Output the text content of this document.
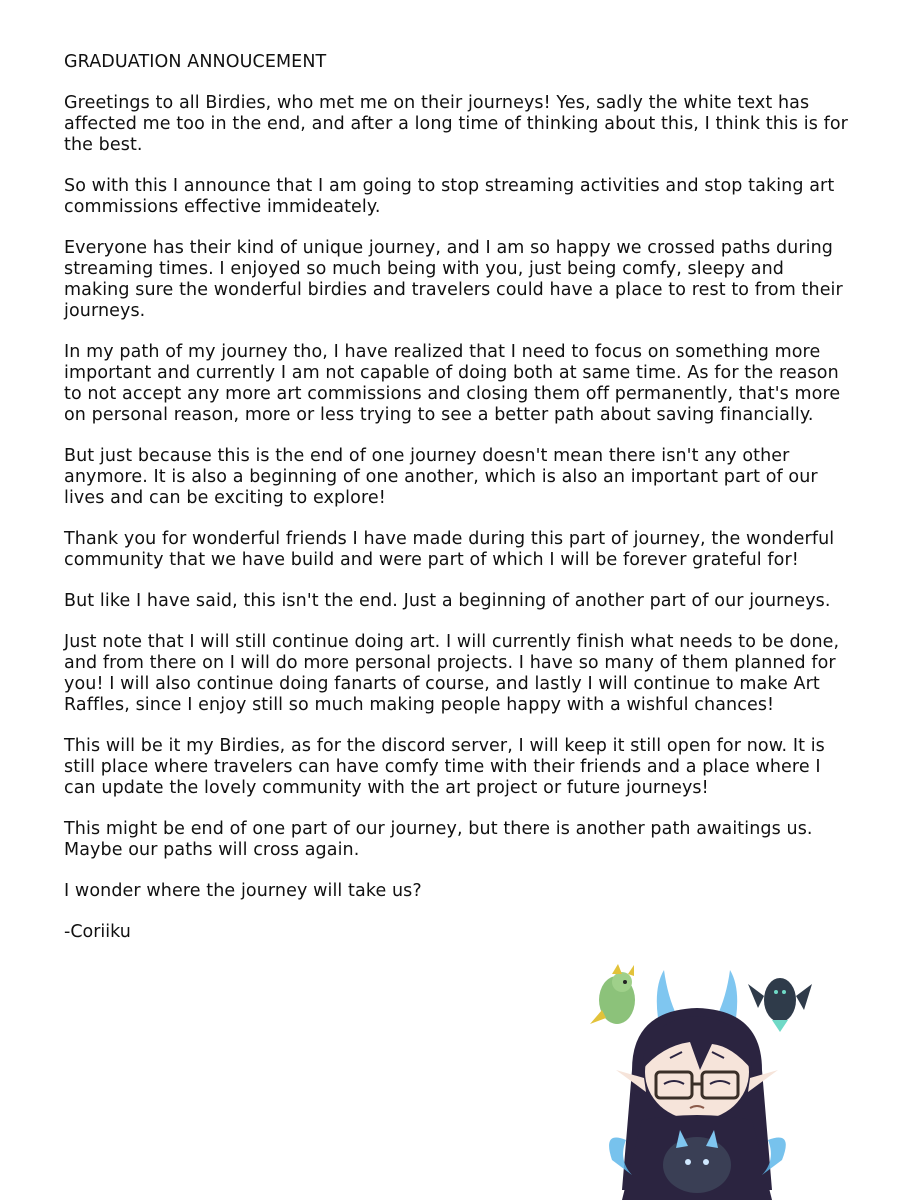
GRADUATION ANNOUCEMENT

Greetings to all Birdies, who met me on their journeys! Yes, sadly the white text has affected me too in the end, and after a long time of thinking about this, I think this is for the best.

So with this I announce that I am going to stop streaming activities and stop taking art commissions effective immideately.

Everyone has their kind of unique journey, and I am so happy we crossed paths during streaming times. I enjoyed so much being with you, just being comfy, sleepy and making sure the wonderful birdies and travelers could have a place to rest to from their journeys.

In my path of my journey tho, I have realized that I need to focus on something more important and currently I am not capable of doing both at same time. As for the reason to not accept any more art commissions and closing them off permanently, that's more on personal reason, more or less trying to see a better path about saving financially.

But just because this is the end of one journey doesn't mean there isn't any other anymore. It is also a beginning of one another, which is also an important part of our lives and can be exciting to explore!

Thank you for wonderful friends I have made during this part of journey, the wonderful community that we have build and were part of which I will be forever grateful for!

But like I have said, this isn't the end. Just a beginning of another part of our journeys.

Just note that I will still continue doing art. I will currently finish what needs to be done, and from there on I will do more personal projects. I have so many of them planned for you! I will also continue doing fanarts of course, and lastly I will continue to make Art Raffles, since I enjoy still so much making people happy with a wishful chances!

This will be it my Birdies, as for the discord server, I will keep it still open for now. It is still place where travelers can have comfy time with their friends and a place where I can update the lovely community with the art project or future journeys!

This might be end of one part of our journey, but there is another path awaitings us. Maybe our paths will cross again.

I wonder where the journey will take us?

-Coriiku
